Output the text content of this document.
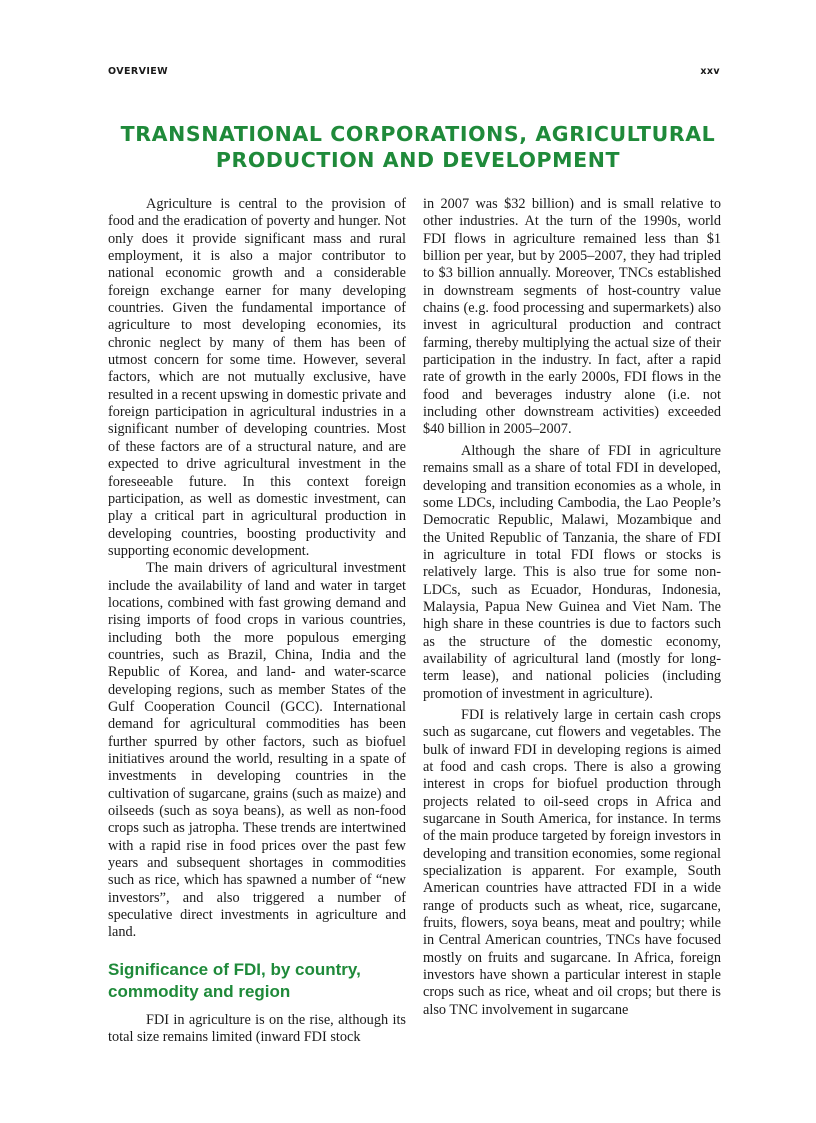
OVERVIEW	xxv
TRANSNATIONAL CORPORATIONS, AGRICULTURAL
PRODUCTION AND DEVELOPMENT

Agriculture is central to the provision of food and the eradication of poverty and hunger. Not only does it provide significant mass and rural employment, it is also a major contributor to national economic growth and a considerable foreign exchange earner for many developing countries. Given the fundamental importance of agriculture to most developing economies, its chronic neglect by many of them has been of utmost concern for some time. However, several factors, which are not mutually exclusive, have resulted in a recent upswing in domestic private and foreign participation in agricultural industries in a significant number of developing countries. Most of these factors are of a structural nature, and are expected to drive agricultural investment in the foreseeable future. In this context foreign participation, as well as domestic investment, can play a critical part in agricultural production in developing countries, boosting productivity and supporting economic development.

The main drivers of agricultural investment include the availability of land and water in target locations, combined with fast growing demand and rising imports of food crops in various countries, including both the more populous emerging countries, such as Brazil, China, India and the Republic of Korea, and land- and water-scarce developing regions, such as member States of the Gulf Cooperation Council (GCC). International demand for agricultural commodities has been further spurred by other factors, such as biofuel initiatives around the world, resulting in a spate of investments in developing countries in the cultivation of sugarcane, grains (such as maize) and oilseeds (such as soya beans), as well as non-food crops such as jatropha. These trends are intertwined with a rapid rise in food prices over the past few years and subsequent shortages in commodities such as rice, which has spawned a number of “new investors”, and also triggered a number of speculative direct investments in agriculture and land.

Significance of FDI, by country, commodity and region

FDI in agriculture is on the rise, although its total size remains limited (inward FDI stock

in 2007 was $32 billion) and is small relative to other industries. At the turn of the 1990s, world FDI flows in agriculture remained less than $1 billion per year, but by 2005–2007, they had tripled to $3 billion annually. Moreover, TNCs established in downstream segments of host-country value chains (e.g. food processing and supermarkets) also invest in agricultural production and contract farming, thereby multiplying the actual size of their participation in the industry. In fact, after a rapid rate of growth in the early 2000s, FDI flows in the food and beverages industry alone (i.e. not including other downstream activities) exceeded $40 billion in 2005–2007.

Although the share of FDI in agriculture remains small as a share of total FDI in developed, developing and transition economies as a whole, in some LDCs, including Cambodia, the Lao People’s Democratic Republic, Malawi, Mozambique and the United Republic of Tanzania, the share of FDI in agriculture in total FDI flows or stocks is relatively large. This is also true for some non-LDCs, such as Ecuador, Honduras, Indonesia, Malaysia, Papua New Guinea and Viet Nam. The high share in these countries is due to factors such as the structure of the domestic economy, availability of agricultural land (mostly for long-term lease), and national policies (including promotion of investment in agriculture).

FDI is relatively large in certain cash crops such as sugarcane, cut flowers and vegetables. The bulk of inward FDI in developing regions is aimed at food and cash crops. There is also a growing interest in crops for biofuel production through projects related to oil-seed crops in Africa and sugarcane in South America, for instance. In terms of the main produce targeted by foreign investors in developing and transition economies, some regional specialization is apparent. For example, South American countries have attracted FDI in a wide range of products such as wheat, rice, sugarcane, fruits, flowers, soya beans, meat and poultry; while in Central American countries, TNCs have focused mostly on fruits and sugarcane. In Africa, foreign investors have shown a particular interest in staple crops such as rice, wheat and oil crops; but there is also TNC involvement in sugarcane
